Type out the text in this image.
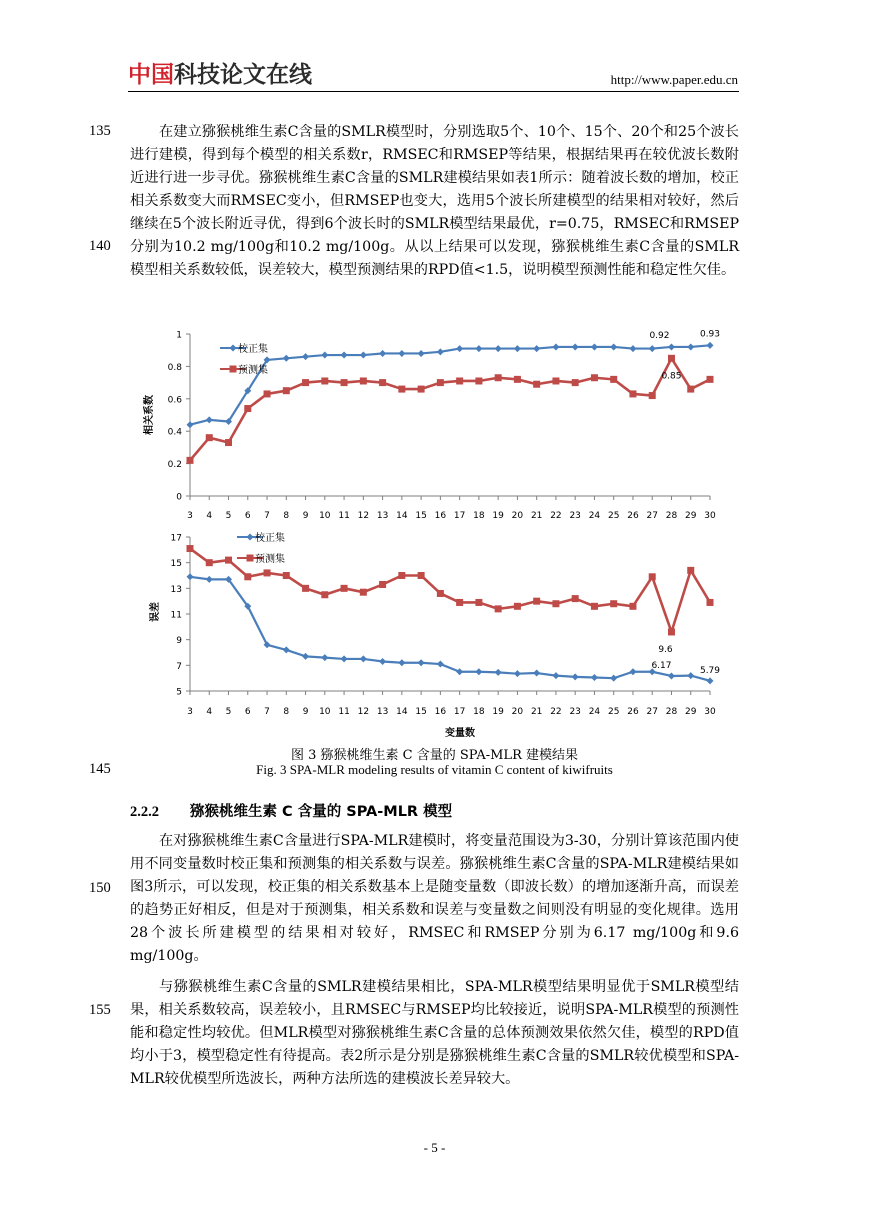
中国科技论文在线	http://www.paper.edu.cn
135
140
145
150
155
在建立猕猴桃维生素C含量的SMLR模型时，分别选取5个、10个、15个、20个和25个波长进行建模，得到每个模型的相关系数r，RMSEC和RMSEP等结果，根据结果再在较优波长数附近进行进一步寻优。猕猴桃维生素C含量的SMLR建模结果如表1所示：随着波长数的增加，校正相关系数变大而RMSEC变小，但RMSEP也变大，选用5个波长所建模型的结果相对较好，然后继续在5个波长附近寻优，得到6个波长时的SMLR模型结果最优，r=0.75，RMSEC和RMSEP分别为10.2 mg/100g和10.2 mg/100g。从以上结果可以发现，猕猴桃维生素C含量的SMLR模型相关系数较低，误差较大，模型预测结果的RPD值<1.5，说明模型预测性能和稳定性欠佳。
0
0.2
0.4
0.6
0.8
1
3 4 5 6 7 8 9 10 11 12 13 14 15 16 17 18 19 20 21 22 23 24 25 26 27 28 29 30
相关系数
校正集
预测集
0.92	0.93
0.85
5
7
9
11
13
15
17
3 4 5 6 7 8 9 10 11 12 13 14 15 16 17 18 19 20 21 22 23 24 25 26 27 28 29 30
误差
变量数
校正集
预测集
9.6
6.17	5.79
图 3 猕猴桃维生素 C 含量的 SPA-MLR 建模结果
Fig. 3 SPA-MLR modeling results of vitamin C content of kiwifruits
2.2.2 猕猴桃维生素 C 含量的 SPA-MLR 模型
在对猕猴桃维生素C含量进行SPA-MLR建模时，将变量范围设为3-30，分别计算该范围内使用不同变量数时校正集和预测集的相关系数与误差。猕猴桃维生素C含量的SPA-MLR建模结果如图3所示，可以发现，校正集的相关系数基本上是随变量数（即波长数）的增加逐渐升高，而误差的趋势正好相反，但是对于预测集，相关系数和误差与变量数之间则没有明显的变化规律。选用28个波长所建模型的结果相对较好，RMSEC和RMSEP分别为6.17 mg/100g和9.6 mg/100g。
与猕猴桃维生素C含量的SMLR建模结果相比，SPA-MLR模型结果明显优于SMLR模型结果，相关系数较高，误差较小，且RMSEC与RMSEP均比较接近，说明SPA-MLR模型的预测性能和稳定性均较优。但MLR模型对猕猴桃维生素C含量的总体预测效果依然欠佳，模型的RPD值均小于3，模型稳定性有待提高。表2所示是分别是猕猴桃维生素C含量的SMLR较优模型和SPA-MLR较优模型所选波长，两种方法所选的建模波长差异较大。
- 5 -
